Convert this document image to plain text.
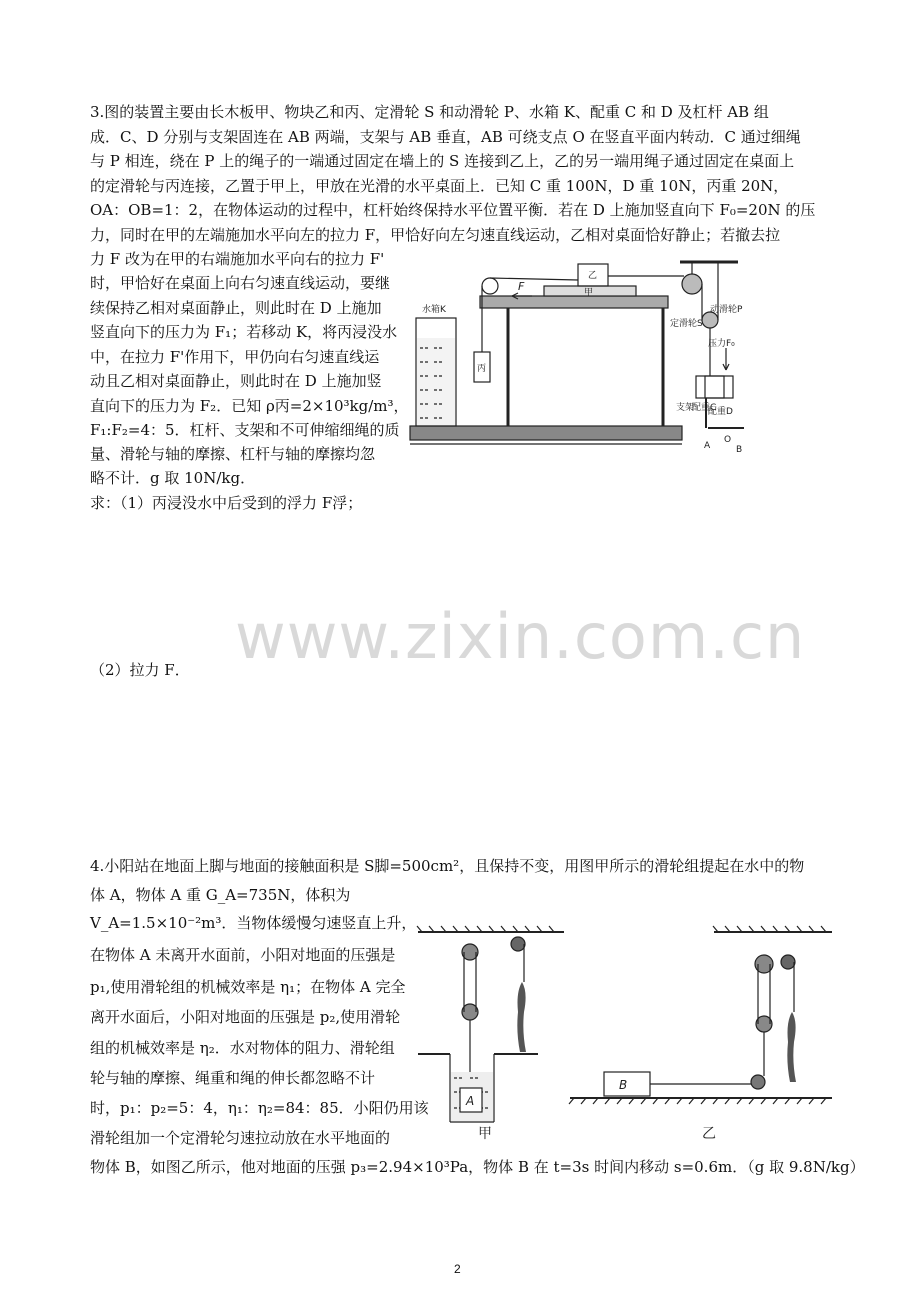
3.图的装置主要由长木板甲、物块乙和丙、定滑轮 S 和动滑轮 P、水箱 K、配重 C 和 D 及杠杆 AB 组
成．C、D 分别与支架固连在 AB 两端，支架与 AB 垂直，AB 可绕支点 O 在竖直平面内转动．C 通过细绳
与 P 相连，绕在 P 上的绳子的一端通过固定在墙上的 S 连接到乙上，乙的另一端用绳子通过固定在桌面上
的定滑轮与丙连接，乙置于甲上，甲放在光滑的水平桌面上．已知 C 重 100N，D 重 10N，丙重 20N，
OA：OB=1：2，在物体运动的过程中，杠杆始终保持水平位置平衡．若在 D 上施加竖直向下 F₀=20N 的压
力，同时在甲的左端施加水平向左的拉力 F，甲恰好向左匀速直线运动，乙相对桌面恰好静止；若撤去拉
力 F 改为在甲的右端施加水平向右的拉力 F'
时，甲恰好在桌面上向右匀速直线运动，要继
续保持乙相对桌面静止，则此时在 D 上施加
竖直向下的压力为 F₁；若移动 K，将丙浸没水
中，在拉力 F'作用下，甲仍向右匀速直线运
动且乙相对桌面静止，则此时在 D 上施加竖
直向下的压力为 F₂．已知 ρ丙=2×10³kg/m³，
F₁:F₂=4：5．杠杆、支架和不可伸缩细绳的质
量、滑轮与轴的摩擦、杠杆与轴的摩擦均忽
略不计．g 取 10N/kg．
求：（1）丙浸没水中后受到的浮力 F浮；
水箱K
乙
甲
丙
F
定滑轮S
动滑轮P
配重C
配重D
压力F₀
支架
A
O
B
www.zixin.com.cn
（2）拉力 F．
4.小阳站在地面上脚与地面的接触面积是 S脚=500cm²，且保持不变，用图甲所示的滑轮组提起在水中的物
体 A，物体 A 重 G_A=735N，体积为
V_A=1.5×10⁻²m³．当物体缓慢匀速竖直上升，
在物体 A 未离开水面前，小阳对地面的压强是
p₁,使用滑轮组的机械效率是 η₁；在物体 A 完全
离开水面后，小阳对地面的压强是 p₂,使用滑轮
组的机械效率是 η₂．水对物体的阻力、滑轮组
轮与轴的摩擦、绳重和绳的伸长都忽略不计
时，p₁：p₂=5：4，η₁：η₂=84：85．小阳仍用该
滑轮组加一个定滑轮匀速拉动放在水平地面的
物体 B，如图乙所示，他对地面的压强 p₃=2.94×10³Pa，物体 B 在 t=3s 时间内移动 s=0.6m．（g 取 9.8N/kg）
A
B
甲	乙
2
